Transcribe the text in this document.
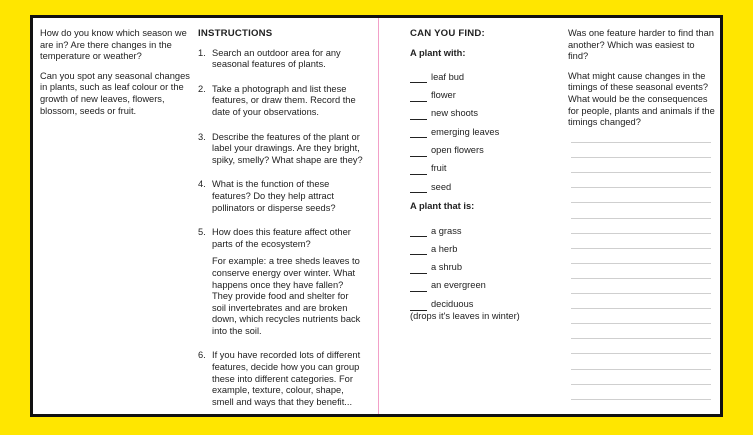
How do you know which season we are in? Are there changes in the temperature or weather?

Can you spot any seasonal changes in plants, such as leaf colour or the growth of new leaves, flowers, blossom, seeds or fruit.

INSTRUCTIONS
1. Search an outdoor area for any seasonal features of plants.

2. Take a photograph and list these features, or draw them. Record the date of your observations.

3. Describe the features of the plant or label your drawings. Are they bright, spiky, smelly? What shape are they?

4. What is the function of these features? Do they help attract pollinators or disperse seeds?

5. How does this feature affect other parts of the ecosystem?

For example: a tree sheds leaves to conserve energy over winter. What happens once they have fallen? They provide food and shelter for soil invertebrates and are broken down, which recycles nutrients back into the soil.

6. If you have recorded lots of different features, decide how you can group these into different categories. For example, texture, colour, shape, smell and ways that they benefit...

CAN YOU FIND:
A plant with:
leaf bud
flower
new shoots
emerging leaves
open flowers
fruit
seed
A plant that is:
a grass
a herb
a shrub
an evergreen
deciduous
(drops it's leaves in winter)

Was one feature harder to find than another? Which was easiest to find?

What might cause changes in the timings of these seasonal events? What would be the consequences for people, plants and animals if the timings changed?
